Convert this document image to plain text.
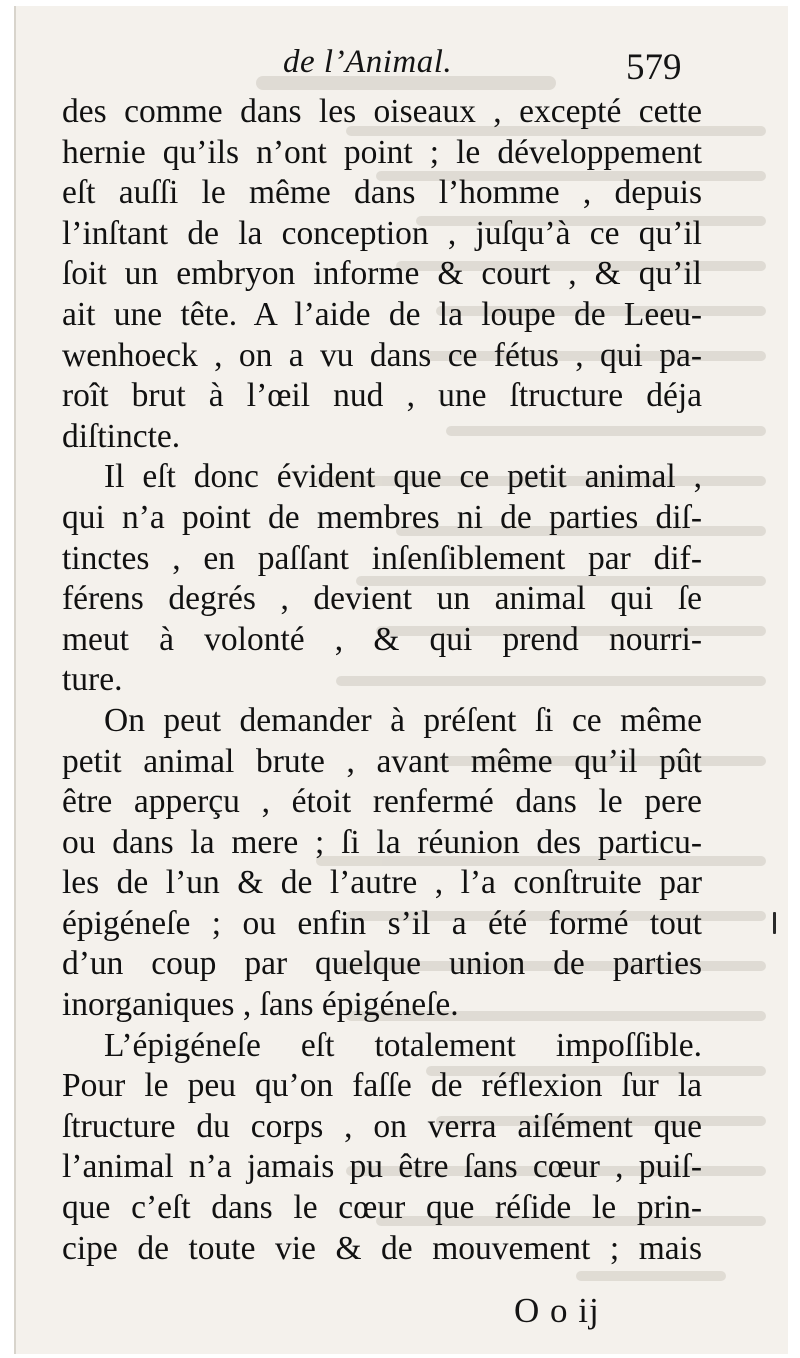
de l’Animal.	579
des comme dans les oiseaux , excepté cette
hernie qu’ils n’ont point ; le développement
eſt auſſi le même dans l’homme , depuis
l’inſtant de la conception , juſqu’à ce qu’il
ſoit un embryon informe & court , & qu’il
ait une tête. A l’aide de la loupe de Leeu-
wenhoeck , on a vu dans ce fétus , qui pa-
roît brut à l’œil nud , une ſtructure déja
diſtincte.
Il eſt donc évident que ce petit animal ,
qui n’a point de membres ni de parties diſ-
tinctes , en paſſant inſenſiblement par dif-
férens degrés , devient un animal qui ſe
meut à volonté , & qui prend nourri-
ture.
On peut demander à préſent ſi ce même
petit animal brute , avant même qu’il pût
être apperçu , étoit renfermé dans le pere
ou dans la mere ; ſi la réunion des particu-
les de l’un & de l’autre , l’a conſtruite par
épigéneſe ; ou enfin s’il a été formé tout
d’un coup par quelque union de parties
inorganiques , ſans épigéneſe.
L’épigéneſe eſt totalement impoſſible.
Pour le peu qu’on faſſe de réflexion ſur la
ſtructure du corps , on verra aiſément que
l’animal n’a jamais pu être ſans cœur , puiſ-
que c’eſt dans le cœur que réſide le prin-
cipe de toute vie & de mouvement ; mais
O o ij
